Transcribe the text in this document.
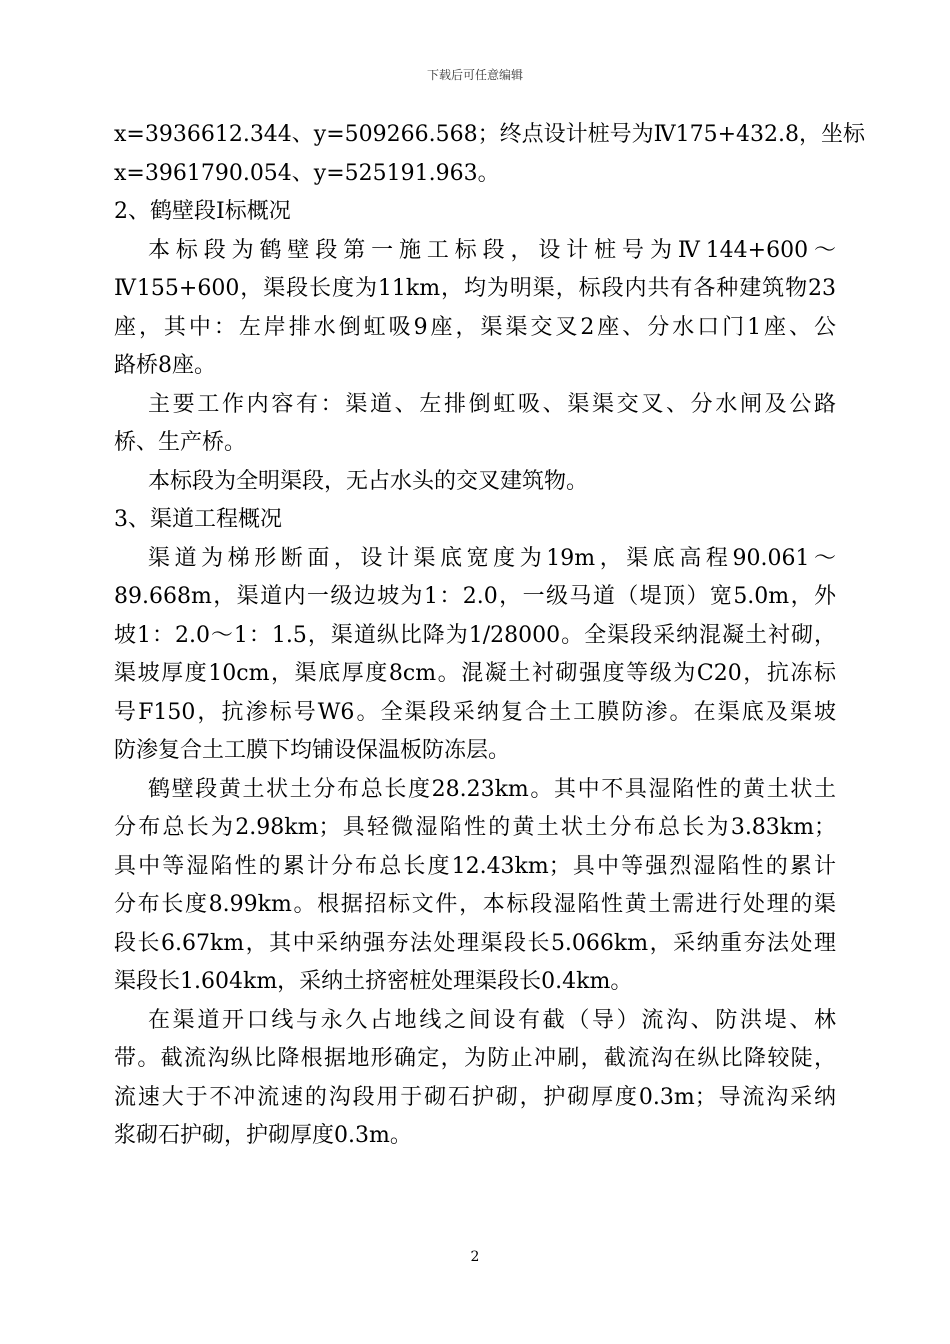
下载后可任意编辑
x=3936612.344、y=509266.568；终点设计桩号为Ⅳ175+432.8，坐标
x=3961790.054、y=525191.963。
2、鹤壁段Ⅰ标概况
本标段为鹤壁段第一施工标段，设计桩号为Ⅳ144+600～
Ⅳ155+600，渠段长度为11km，均为明渠，标段内共有各种建筑物23
座，其中：左岸排水倒虹吸9座，渠渠交叉2座、分水口门1座、公
路桥8座。
主要工作内容有：渠道、左排倒虹吸、渠渠交叉、分水闸及公路
桥、生产桥。
本标段为全明渠段，无占水头的交叉建筑物。
3、渠道工程概况
渠道为梯形断面，设计渠底宽度为19m，渠底高程90.061～
89.668m，渠道内一级边坡为1：2.0，一级马道（堤顶）宽5.0m，外
坡1：2.0～1：1.5，渠道纵比降为1/28000。全渠段采纳混凝土衬砌，
渠坡厚度10cm，渠底厚度8cm。混凝土衬砌强度等级为C20，抗冻标
号F150，抗渗标号W6。全渠段采纳复合土工膜防渗。在渠底及渠坡
防渗复合土工膜下均铺设保温板防冻层。
鹤壁段黄土状土分布总长度28.23km。其中不具湿陷性的黄土状土
分布总长为2.98km；具轻微湿陷性的黄土状土分布总长为3.83km；
具中等湿陷性的累计分布总长度12.43km；具中等强烈湿陷性的累计
分布长度8.99km。根据招标文件，本标段湿陷性黄土需进行处理的渠
段长6.67km，其中采纳强夯法处理渠段长5.066km，采纳重夯法处理
渠段长1.604km，采纳土挤密桩处理渠段长0.4km。
在渠道开口线与永久占地线之间设有截（导）流沟、防洪堤、林
带。截流沟纵比降根据地形确定，为防止冲刷，截流沟在纵比降较陡，
流速大于不冲流速的沟段用于砌石护砌，护砌厚度0.3m；导流沟采纳
浆砌石护砌，护砌厚度0.3m。
2
